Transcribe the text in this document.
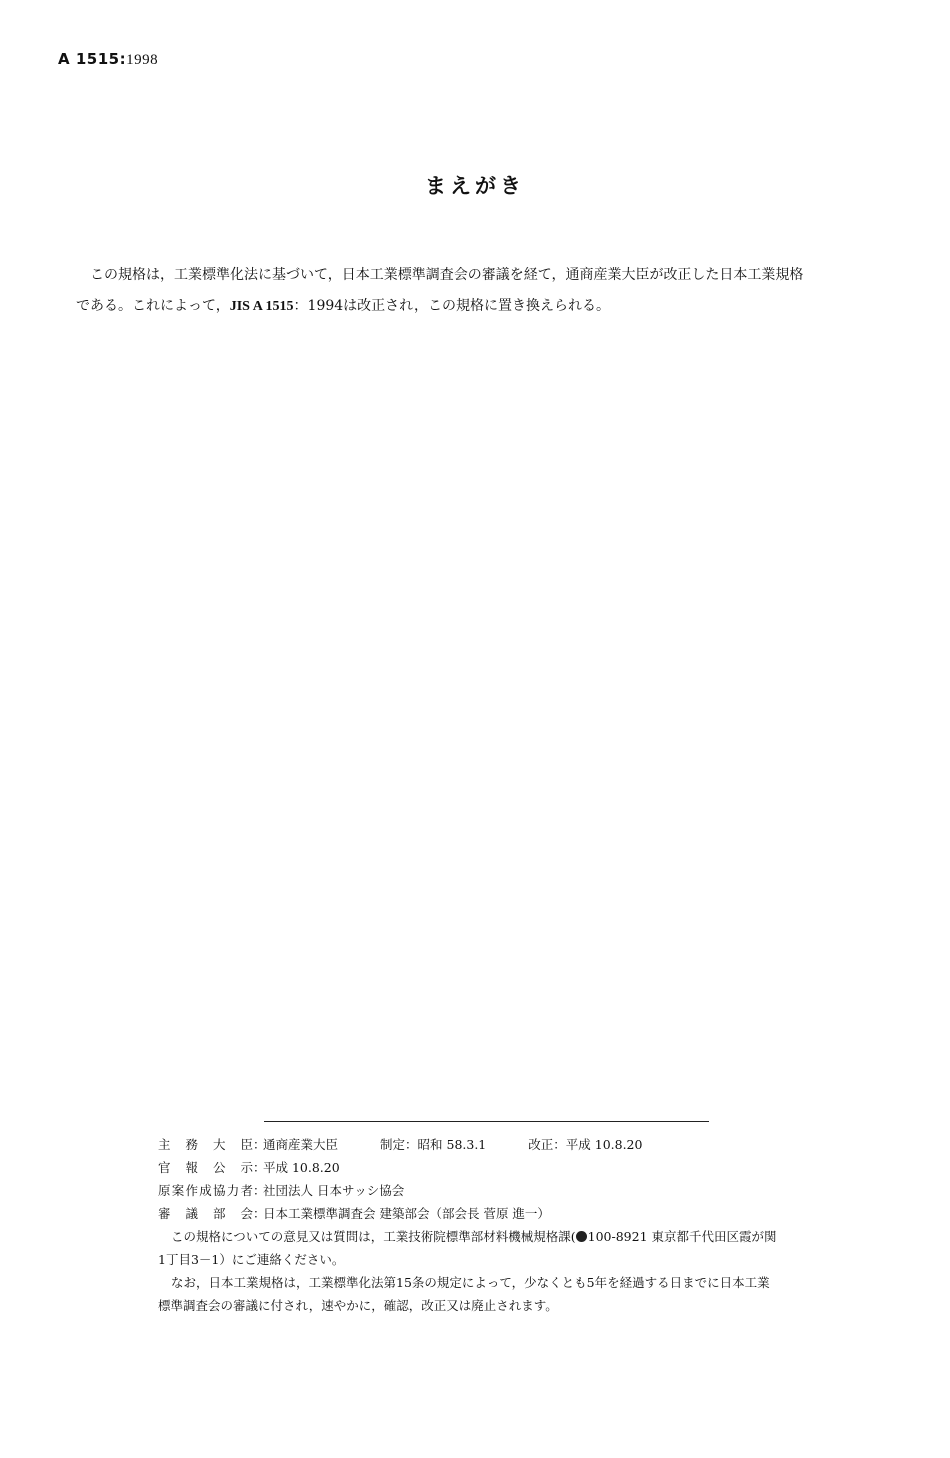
A 1515:1998
まえがき
この規格は，工業標準化法に基づいて，日本工業標準調査会の審議を経て，通商産業大臣が改正した日本工業規格
である。これによって，JIS A 1515：1994は改正され，この規格に置き換えられる。
主務大臣 ：
通商産業大臣	制定： 昭和 58.3.1	改正： 平成 10.8.20
官報公示 ：
平成 10.8.20
原案作成協力者 ：
社団法人 日本サッシ協会
審議部会 ：
日本工業標準調査会 建築部会（部会長 菅原 進一）
この規格についての意見又は質問は，工業技術院標準部材料機械規格課( 100-8921 東京都千代田区霞が関
1丁目3－1）にご連絡ください。
なお，日本工業規格は，工業標準化法第15条の規定によって，少なくとも5年を経過する日までに日本工業
標準調査会の審議に付され，速やかに，確認，改正又は廃止されます。
